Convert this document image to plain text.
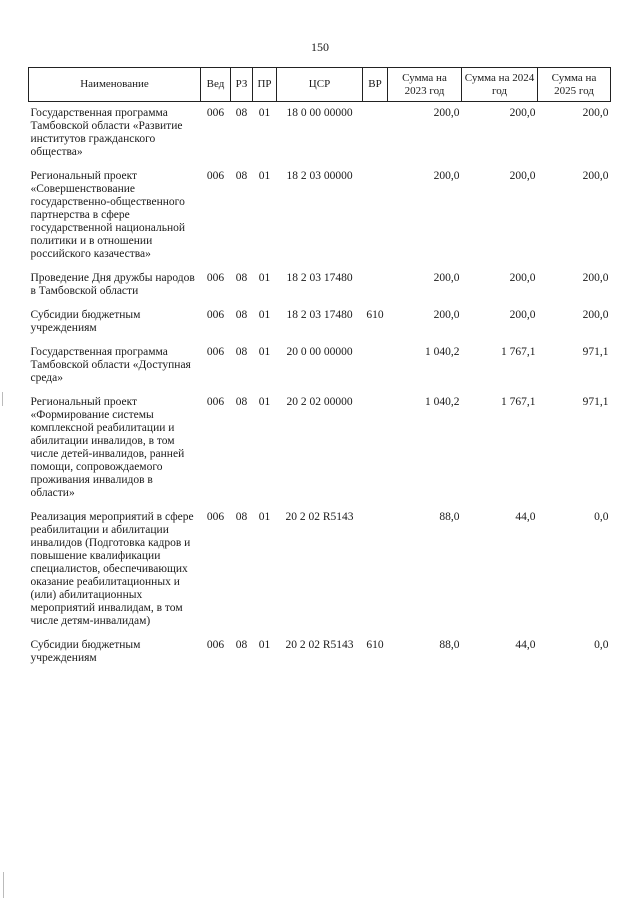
150
Наименование	Вед	РЗ	ПР	ЦСР	ВР	Сумма на 2023 год	Сумма на 2024 год	Сумма на 2025 год
Государственная программа Тамбовской области «Развитие институтов гражданского общества»	006	08	01	18 0 00 00000		200,0	200,0	200,0
Региональный проект «Совершенствование государственно-общественного партнерства в сфере государственной национальной политики и в отношении российского казачества»	006	08	01	18 2 03 00000		200,0	200,0	200,0
Проведение Дня дружбы народов в Тамбовской области	006	08	01	18 2 03 17480		200,0	200,0	200,0
Субсидии бюджетным учреждениям	006	08	01	18 2 03 17480	610	200,0	200,0	200,0
Государственная программа Тамбовской области «Доступная среда»	006	08	01	20 0 00 00000		1 040,2	1 767,1	971,1
Региональный проект «Формирование системы комплексной реабилитации и абилитации инвалидов, в том числе детей-инвалидов, ранней помощи, сопровождаемого проживания инвалидов в области»	006	08	01	20 2 02 00000		1 040,2	1 767,1	971,1
Реализация мероприятий в сфере реабилитации и абилитации инвалидов (Подготовка кадров и повышение квалификации специалистов, обеспечивающих оказание реабилитационных и (или) абилитационных мероприятий инвалидам, в том числе детям-инвалидам)	006	08	01	20 2 02 R5143		88,0	44,0	0,0
Субсидии бюджетным учреждениям	006	08	01	20 2 02 R5143	610	88,0	44,0	0,0
